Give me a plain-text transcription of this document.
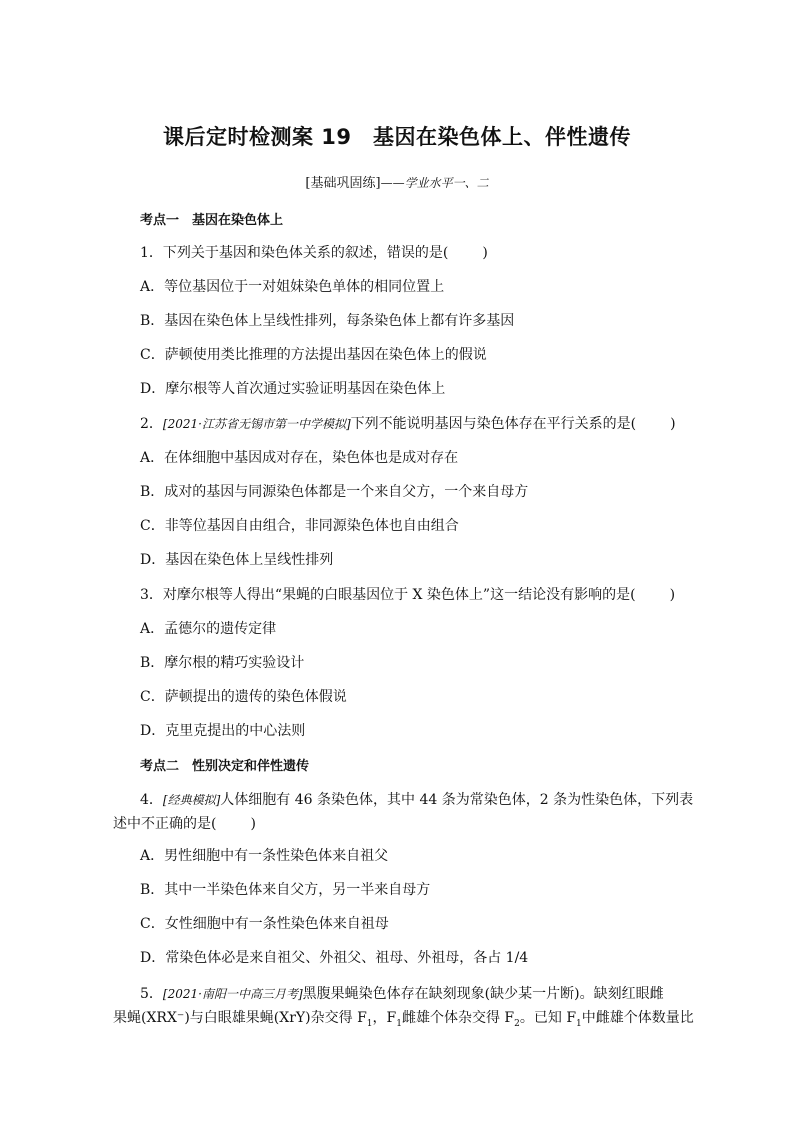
课后定时检测案 19　基因在染色体上、伴性遗传
[基础巩固练]——学业水平一、二
考点一　基因在染色体上
1．下列关于基因和染色体关系的叙述，错误的是( )
A．等位基因位于一对姐妹染色单体的相同位置上
B．基因在染色体上呈线性排列，每条染色体上都有许多基因
C．萨顿使用类比推理的方法提出基因在染色体上的假说
D．摩尔根等人首次通过实验证明基因在染色体上
2．[2021·江苏省无锡市第一中学模拟]下列不能说明基因与染色体存在平行关系的是( )
A．在体细胞中基因成对存在，染色体也是成对存在
B．成对的基因与同源染色体都是一个来自父方，一个来自母方
C．非等位基因自由组合，非同源染色体也自由组合
D．基因在染色体上呈线性排列
3．对摩尔根等人得出“果蝇的白眼基因位于 X 染色体上”这一结论没有影响的是( )
A．孟德尔的遗传定律
B．摩尔根的精巧实验设计
C．萨顿提出的遗传的染色体假说
D．克里克提出的中心法则
考点二　性别决定和伴性遗传
4．[经典模拟]人体细胞有 46 条染色体，其中 44 条为常染色体，2 条为性染色体，下列表
述中不正确的是( )
A．男性细胞中有一条性染色体来自祖父
B．其中一半染色体来自父方，另一半来自母方
C．女性细胞中有一条性染色体来自祖母
D．常染色体必是来自祖父、外祖父、祖母、外祖母，各占 1/4
5．[2021·南阳一中高三月考]黑腹果蝇染色体存在缺刻现象(缺少某一片断)。缺刻红眼雌
果蝇(XRX⁻)与白眼雄果蝇(XrY)杂交得 $F_1$，$F_1$雌雄个体杂交得 $F_2$。已知 $F_1$中雌雄个体数量比
